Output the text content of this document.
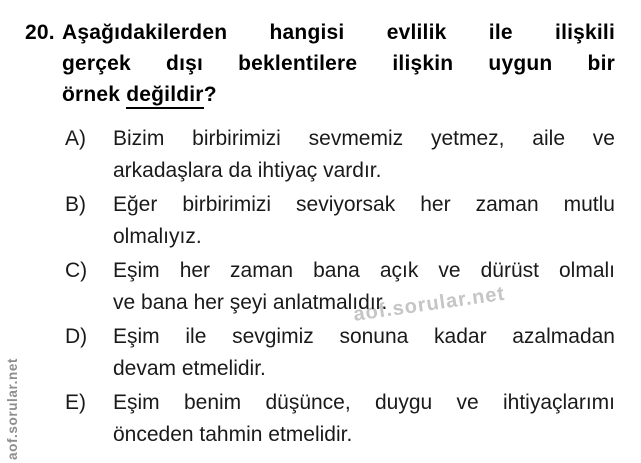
20. Aşağıdakilerden hangisi evlilik ile ilişkili
gerçek dışı beklentilere ilişkin uygun bir
örnek değildir?
A)	Bizim birbirimizi sevmemiz yetmez, aile ve
arkadaşlara da ihtiyaç vardır.
B)	Eğer birbirimizi seviyorsak her zaman mutlu
olmalıyız.
C)	Eşim her zaman bana açık ve dürüst olmalı
ve bana her şeyi anlatmalıdır.
D)	Eşim ile sevgimiz sonuna kadar azalmadan
devam etmelidir.
E)	Eşim benim düşünce, duygu ve ihtiyaçlarımı
önceden tahmin etmelidir.
aof.sorular.net
aof.sorular.net
